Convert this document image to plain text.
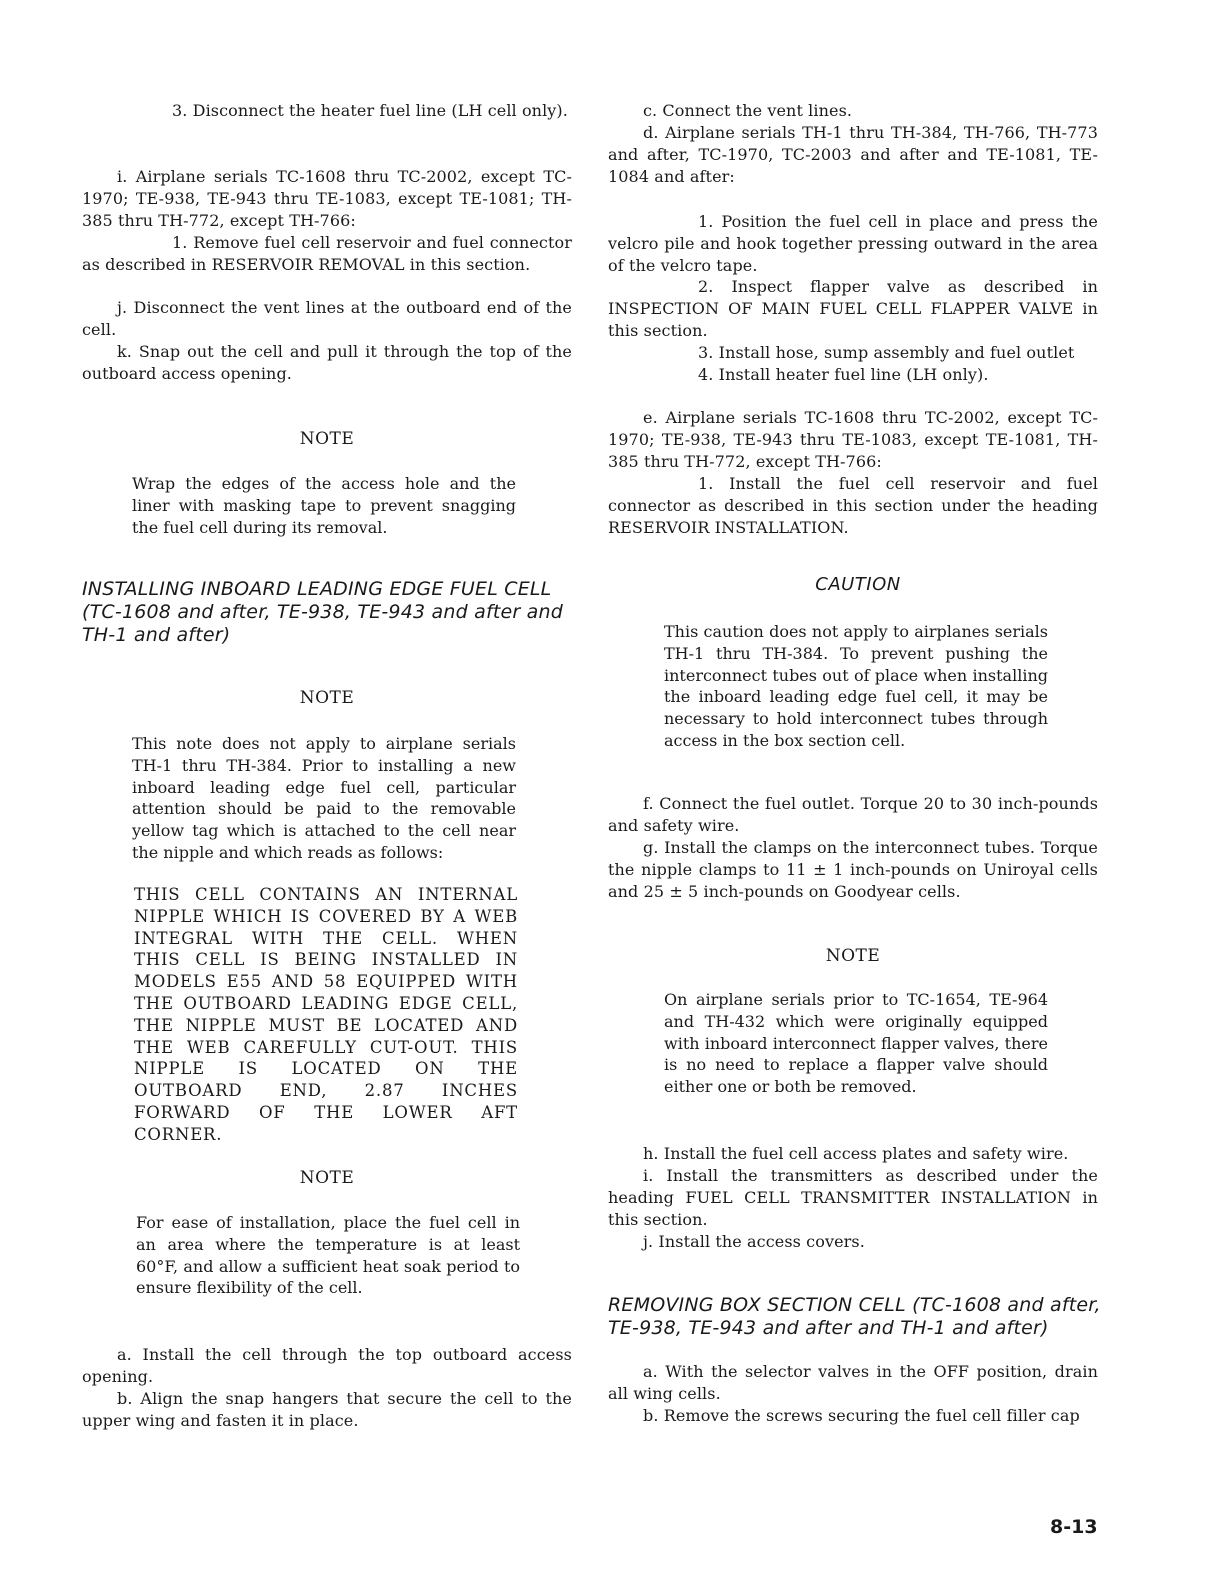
3. Disconnect the heater fuel line (LH cell only).

i. Airplane serials TC-1608 thru TC-2002, except TC-1970; TE-938, TE-943 thru TE-1083, except TE-1081; TH-385 thru TH-772, except TH-766:

1. Remove fuel cell reservoir and fuel connector as described in RESERVOIR REMOVAL in this section.

j. Disconnect the vent lines at the outboard end of the cell.

k. Snap out the cell and pull it through the top of the outboard access opening.

NOTE

Wrap the edges of the access hole and the liner with masking tape to prevent snagging the fuel cell during its removal.

INSTALLING INBOARD LEADING EDGE FUEL CELL (TC-1608 and after, TE-938, TE-943 and after and TH-1 and after)

NOTE

This note does not apply to airplane serials TH-1 thru TH-384. Prior to installing a new inboard leading edge fuel cell, particular attention should be paid to the removable yellow tag which is attached to the cell near the nipple and which reads as follows:

THIS CELL CONTAINS AN INTERNAL NIPPLE WHICH IS COVERED BY A WEB INTEGRAL WITH THE CELL. WHEN THIS CELL IS BEING INSTALLED IN MODELS E55 AND 58 EQUIPPED WITH THE OUTBOARD LEADING EDGE CELL, THE NIPPLE MUST BE LOCATED AND THE WEB CAREFULLY CUT-OUT. THIS NIPPLE IS LOCATED ON THE OUTBOARD END, 2.87 INCHES FORWARD OF THE LOWER AFT CORNER.

NOTE

For ease of installation, place the fuel cell in an area where the temperature is at least 60°F, and allow a sufficient heat soak period to ensure flexibility of the cell.

a. Install the cell through the top outboard access opening.

b. Align the snap hangers that secure the cell to the upper wing and fasten it in place.

c. Connect the vent lines.

d. Airplane serials TH-1 thru TH-384, TH-766, TH-773 and after, TC-1970, TC-2003 and after and TE-1081, TE-1084 and after:

1. Position the fuel cell in place and press the velcro pile and hook together pressing outward in the area of the velcro tape.

2. Inspect flapper valve as described in INSPECTION OF MAIN FUEL CELL FLAPPER VALVE in this section.

3. Install hose, sump assembly and fuel outlet

4. Install heater fuel line (LH only).

e. Airplane serials TC-1608 thru TC-2002, except TC-1970; TE-938, TE-943 thru TE-1083, except TE-1081, TH-385 thru TH-772, except TH-766:

1. Install the fuel cell reservoir and fuel connector as described in this section under the heading RESERVOIR INSTALLATION.

CAUTION

This caution does not apply to airplanes serials TH-1 thru TH-384. To prevent pushing the interconnect tubes out of place when installing the inboard leading edge fuel cell, it may be necessary to hold interconnect tubes through access in the box section cell.

f. Connect the fuel outlet. Torque 20 to 30 inch-pounds and safety wire.

g. Install the clamps on the interconnect tubes. Torque the nipple clamps to 11 ± 1 inch-pounds on Uniroyal cells and 25 ± 5 inch-pounds on Goodyear cells.

NOTE

On airplane serials prior to TC-1654, TE-964 and TH-432 which were originally equipped with inboard interconnect flapper valves, there is no need to replace a flapper valve should either one or both be removed.

h. Install the fuel cell access plates and safety wire.

i. Install the transmitters as described under the heading FUEL CELL TRANSMITTER INSTALLATION in this section.

j. Install the access covers.

REMOVING BOX SECTION CELL (TC-1608 and after, TE-938, TE-943 and after and TH-1 and after)

a. With the selector valves in the OFF position, drain all wing cells.

b. Remove the screws securing the fuel cell filler cap

8-13
